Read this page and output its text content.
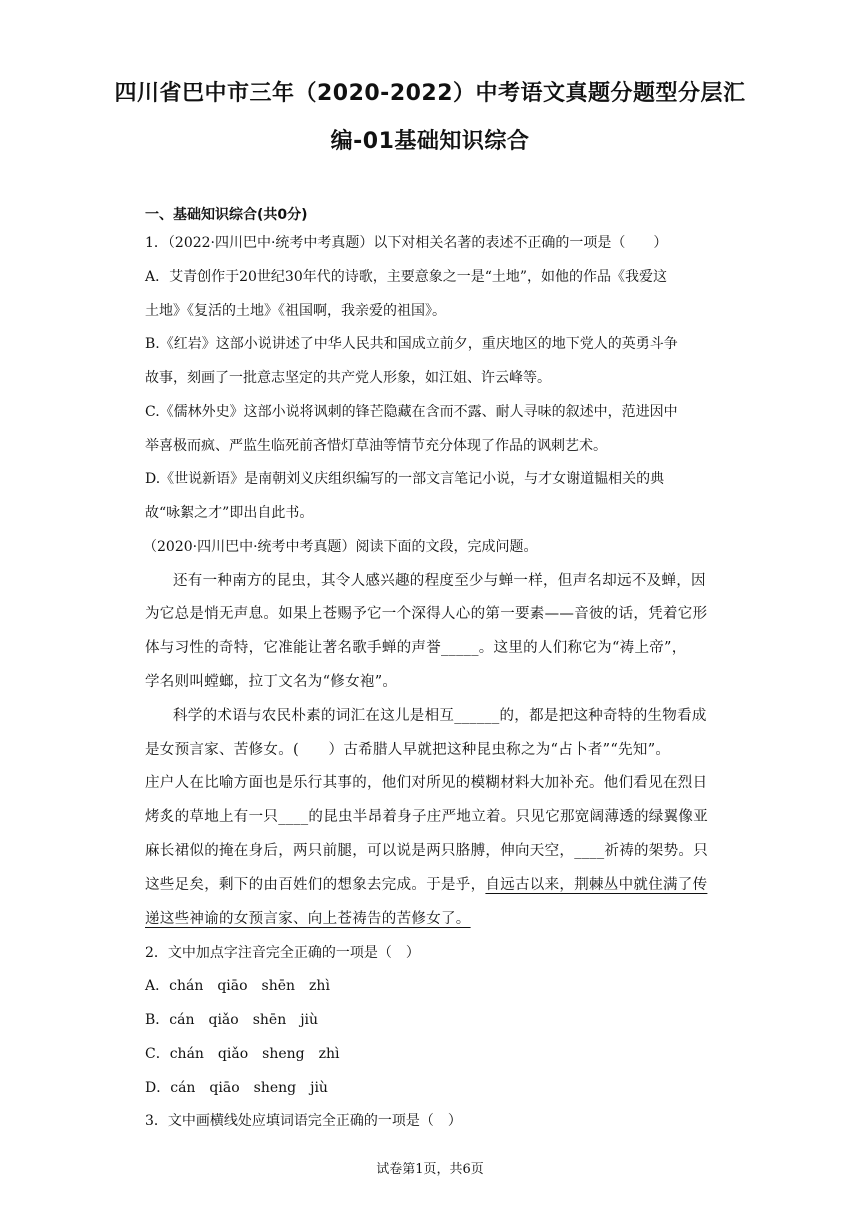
四川省巴中市三年（2020-2022）中考语文真题分题型分层汇
编-01基础知识综合
一、基础知识综合(共0分)
1．（2022·四川巴中·统考中考真题）以下对相关名著的表述不正确的一项是（　　）
A．艾青创作于20世纪30年代的诗歌，主要意象之一是“土地”，如他的作品《我爱这
土地》《复活的土地》《祖国啊，我亲爱的祖国》。
B.《红岩》这部小说讲述了中华人民共和国成立前夕，重庆地区的地下党人的英勇斗争
故事，刻画了一批意志坚定的共产党人形象，如江姐、许云峰等。
C.《儒林外史》这部小说将讽刺的锋芒隐藏在含而不露、耐人寻味的叙述中，范进因中
举喜极而疯、严监生临死前吝惜灯草油等情节充分体现了作品的讽刺艺术。
D.《世说新语》是南朝刘义庆组织编写的一部文言笔记小说，与才女谢道韫相关的典
故“咏絮之才”即出自此书。
（2020·四川巴中·统考中考真题）阅读下面的文段，完成问题。
还有一种南方的昆虫，其令人感兴趣的程度至少与蝉一样，但声名却远不及蝉，因
为它总是悄无声息。如果上苍赐予它一个深得人心的第一要素——音彼的话，凭着它形
体与习性的奇特，它准能让著名歌手蝉的声誉_____。这里的人们称它为“祷上帝”，
学名则叫螳螂，拉丁文名为“修女袍”。
科学的术语与农民朴素的词汇在这儿是相互______的，都是把这种奇特的生物看成
是女预言家、苦修女。(　　）古希腊人早就把这种昆虫称之为“占卜者”“先知”。
庄户人在比喻方面也是乐行其事的，他们对所见的模糊材料大加补充。他们看见在烈日
烤炙的草地上有一只____的昆虫半昂着身子庄严地立着。只见它那宽阔薄透的绿翼像亚
麻长裙似的掩在身后，两只前腿，可以说是两只胳膊，伸向天空，____祈祷的架势。只
这些足矣，剩下的由百姓们的想象去完成。于是乎，自远古以来，荆棘丛中就住满了传
递这些神谕的女预言家、向上苍祷告的苦修女了。
2．文中加点字注音完全正确的一项是（　）
A．chán　qiāo　shēn　zhì
B．cán　qiǎo　shēn　jiù
C．chán　qiǎo　sheng　zhì
D．cán　qiāo　sheng　jiù
3．文中画横线处应填词语完全正确的一项是（　）
试卷第1页，共6页
